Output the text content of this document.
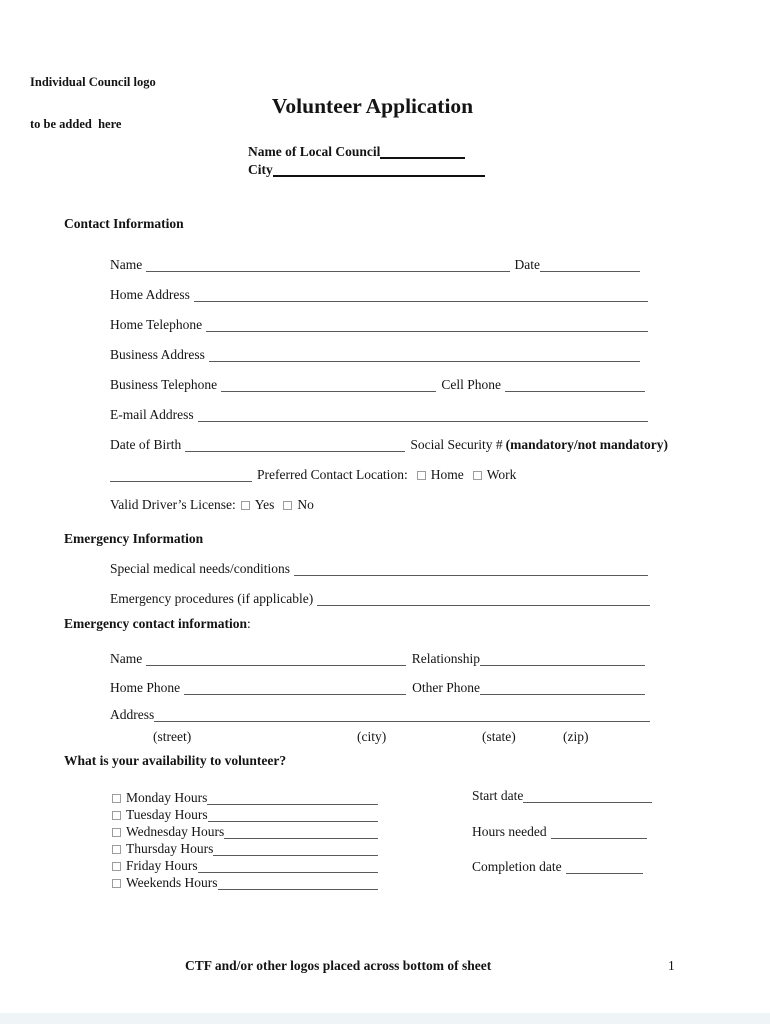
Individual Council logo

to be added  here

Volunteer Application
Name of Local Council
City
Contact Information
Name	Date
Home Address
Home Telephone
Business Address
Business Telephone	Cell Phone
E-mail Address
Date of Birth	Social Security # (mandatory/not mandatory)
Preferred Contact Location: Home Work
Valid Driver’s License: Yes No
Emergency Information
Special medical needs/conditions
Emergency procedures (if applicable)
Emergency contact information:
Name	Relationship
Home Phone	Other Phone
Address
(street)	(city)	(state)	(zip)
What is your availability to volunteer?
Monday Hours
Tuesday Hours
Wednesday Hours
Thursday Hours
Friday Hours
Weekends Hours
Start date
Hours needed
Completion date
CTF and/or other logos placed across bottom of sheet	1
